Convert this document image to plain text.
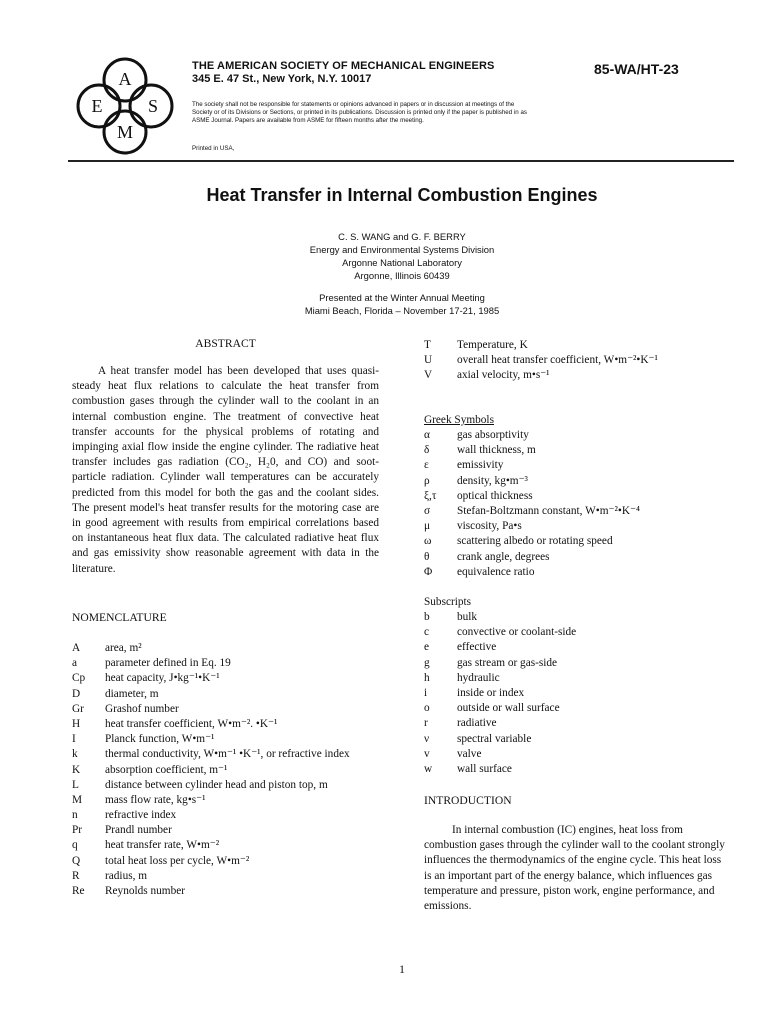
A
E	S
M
THE AMERICAN SOCIETY OF MECHANICAL ENGINEERS
345 E. 47 St., New York, N.Y. 10017
85-WA/HT-23
The society shall not be responsible for statements or opinions advanced in papers or in discussion at meetings of the Society or of its Divisions or Sections, or printed in its publications. Discussion is printed only if the paper is published in as ASME Journal. Papers are available from ASME for fifteen months after the meeting.
Printed in USA,
Heat Transfer in Internal Combustion Engines
C. S. WANG and G. F. BERRY
Energy and Environmental Systems Division
Argonne National Laboratory
Argonne, Illinois 60439
Presented at the Winter Annual Meeting
Miami Beach, Florida – November 17-21, 1985
ABSTRACT

A heat transfer model has been developed that uses quasi-steady heat flux relations to calculate the heat transfer from combustion gases through the cylinder wall to the coolant in an internal combustion engine. The treatment of convective heat transfer accounts for the physical problems of rotating and impinging axial flow inside the engine cylinder. The radiative heat transfer includes gas radiation (CO₂, H₂0, and CO) and soot-particle radiation. Cylinder wall temperatures can be accurately predicted from this model for both the gas and the coolant sides. The present model's heat transfer results for the motoring case are in good agreement with results from empirical correlations based on instantaneous heat flux data. The calculated radiative heat flux and gas emissivity show reasonable agreement with data in the literature.

NOMENCLATURE
A area, m²
a parameter defined in Eq. 19
Cp heat capacity, J•kg⁻¹•K⁻¹
D diameter, m
Gr Grashof number
H heat transfer coefficient, W•m⁻². •K⁻¹
I	Planck function, W•m⁻¹
k thermal conductivity, W•m⁻¹ •K⁻¹, or refractive index
K absorption coefficient, m⁻¹
L distance between cylinder head and piston top, m
M mass flow rate, kg•s⁻¹
n refractive index
Pr Prandl number
q heat transfer rate, W•m⁻²
Q total heat loss per cycle, W•m⁻²
R radius, m
Re Reynolds number
T Temperature, K
U overall heat transfer coefficient, W•m⁻²•K⁻¹
V axial velocity, m•s⁻¹
Greek Symbols
α gas absorptivity
δ wall thickness, m
ε	emissivity
ρ density, kg•m⁻³
ξ,τ optical thickness
σ Stefan-Boltzmann constant, W•m⁻²•K⁻⁴
μ viscosity, Pa•s
ω scattering albedo or rotating speed
θ crank angle, degrees
Φ equivalence ratio
Subscripts
b bulk
c convective or coolant-side
e effective
g gas stream or gas-side
h hydraulic
i	inside or index
o outside or wall surface
r	radiative
ν spectral variable
v valve
w wall surface
INTRODUCTION

In internal combustion (IC) engines, heat loss from combustion gases through the cylinder wall to the coolant strongly influences the thermodynamics of the engine cycle. This heat loss is an important part of the energy balance, which influences gas temperature and pressure, piston work, engine performance, and emissions.

1
